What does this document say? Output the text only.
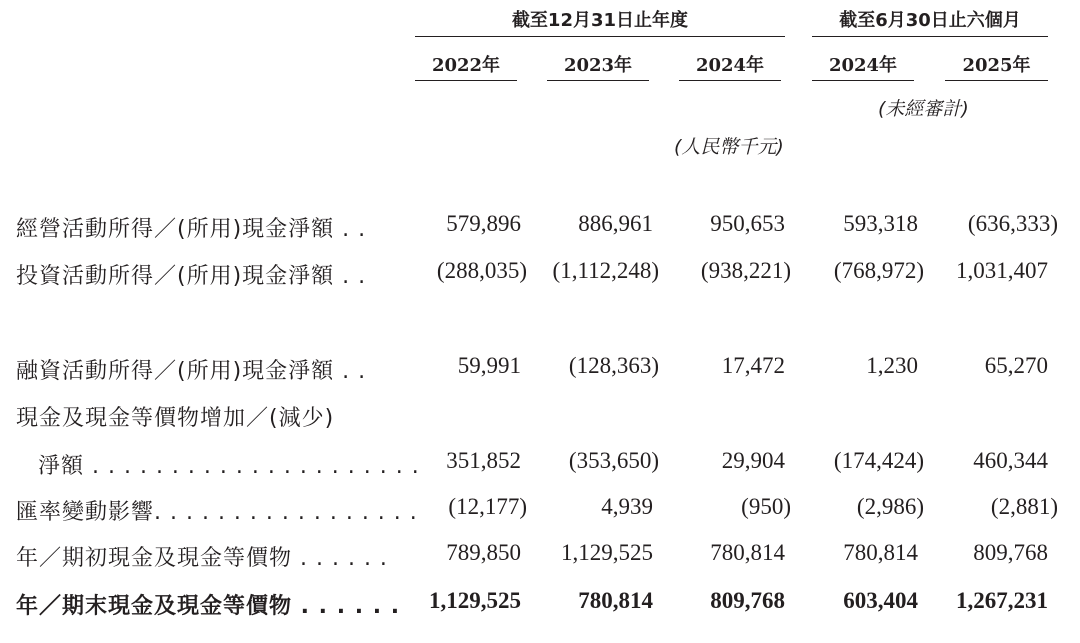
截至12月31日止年度	截至6月30日止六個月
2022年	2023年	2024年	2024年	2025年
(未經審計)
(人民幣千元)
經營活動所得／(所用)現金淨額 . .	579,896	886,961	950,653	593,318	(636,333)
投資活動所得／(所用)現金淨額 . .	(288,035)	(1,112,248)	(938,221)	(768,972)	1,031,407
融資活動所得／(所用)現金淨額 . .	59,991	(128,363)	17,472	1,230	65,270
現金及現金等價物增加／(減少)
淨額 . . . . . . . . . . . . . . . . . . . . .	351,852	(353,650)	29,904	(174,424)	460,344
匯率變動影響. . . . . . . . . . . . . . . . .	(12,177)	4,939	(950)	(2,986)	(2,881)
年／期初現金及現金等價物 . . . . . .	789,850	1,129,525	780,814	780,814	809,768
年／期末現金及現金等價物 . . . . . .	1,129,525	780,814	809,768	603,404	1,267,231
